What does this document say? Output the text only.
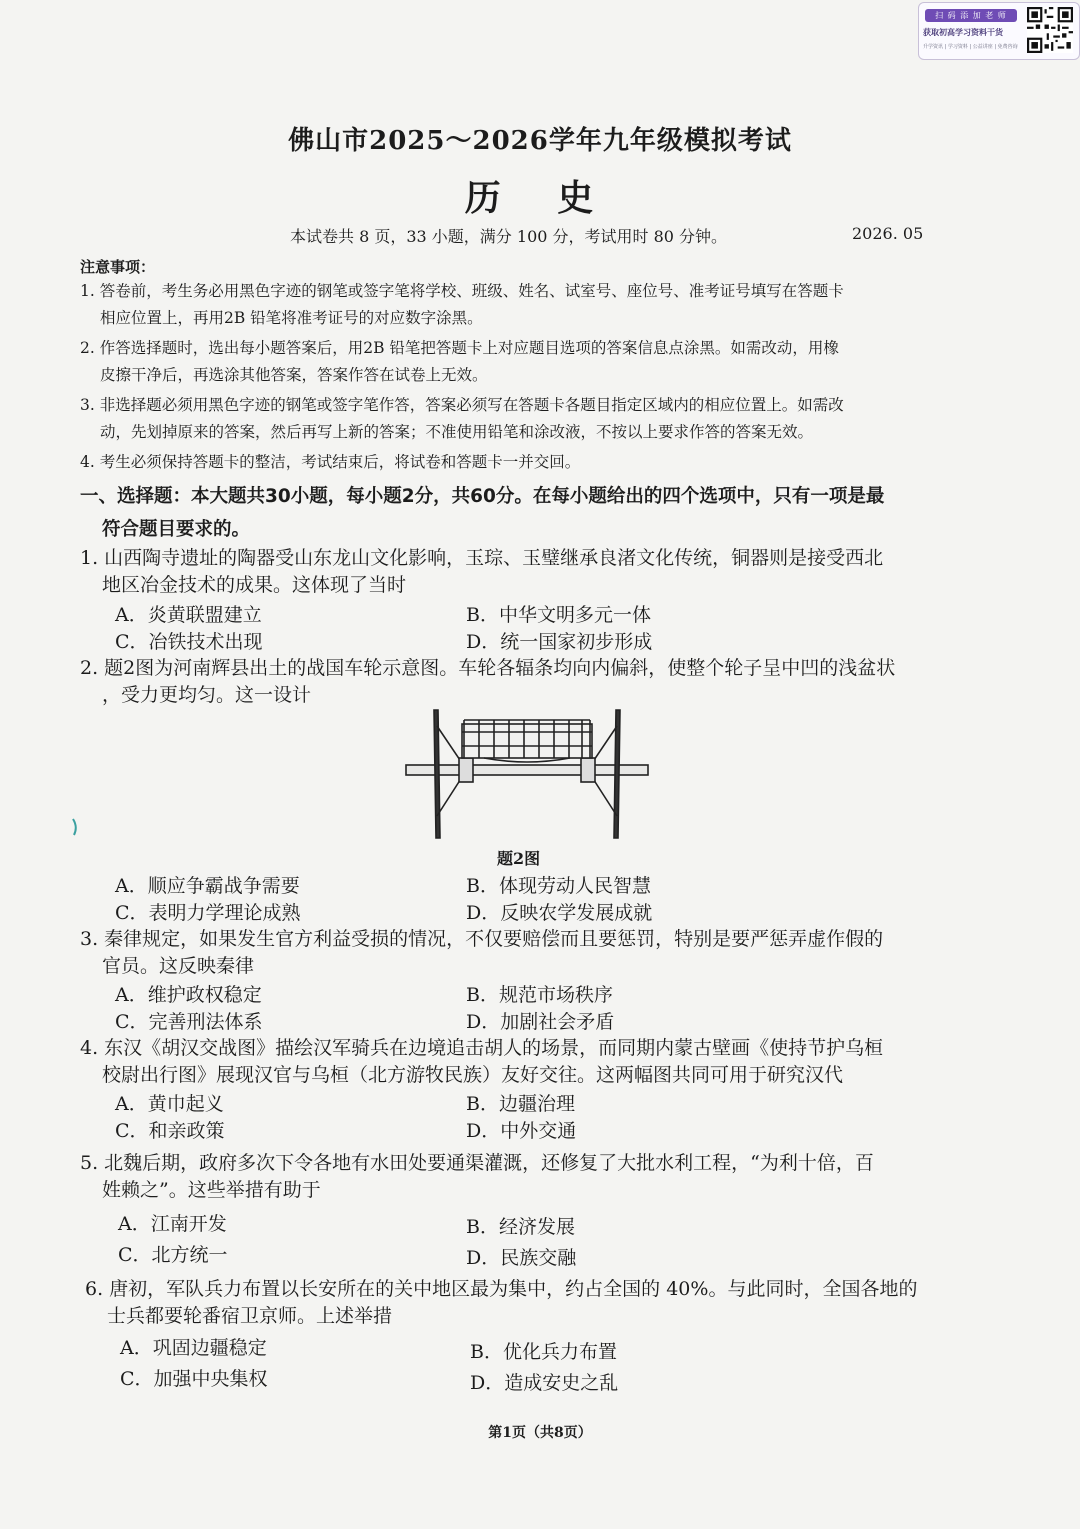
扫 码 添 加 老 师
获取初高学习资料干货
升学资讯 | 学习资料 | 公益讲座 | 免费咨询
佛山市2025～2026学年九年级模拟考试
历 史
本试卷共 8 页，33 小题，满分 100 分，考试用时 80 分钟。	2026. 05
注意事项：
1. 答卷前，考生务必用黑色字迹的钢笔或签字笔将学校、班级、姓名、试室号、座位号、准考证号填写在答题卡
相应位置上，再用2B 铅笔将准考证号的对应数字涂黑。
2. 作答选择题时，选出每小题答案后，用2B 铅笔把答题卡上对应题目选项的答案信息点涂黑。如需改动，用橡
皮擦干净后，再选涂其他答案，答案作答在试卷上无效。
3. 非选择题必须用黑色字迹的钢笔或签字笔作答，答案必须写在答题卡各题目指定区域内的相应位置上。如需改
动，先划掉原来的答案，然后再写上新的答案；不准使用铅笔和涂改液，不按以上要求作答的答案无效。
4. 考生必须保持答题卡的整洁，考试结束后，将试卷和答题卡一并交回。
一、选择题：本大题共30小题，每小题2分，共60分。在每小题给出的四个选项中，只有一项是最
符合题目要求的。
1. 山西陶寺遗址的陶器受山东龙山文化影响，玉琮、玉璧继承良渚文化传统，铜器则是接受西北
地区冶金技术的成果。这体现了当时
A．炎黄联盟建立	B．中华文明多元一体
C．冶铁技术出现	D．统一国家初步形成
2. 题2图为河南辉县出土的战国车轮示意图。车轮各辐条均向内偏斜，使整个轮子呈中凹的浅盆状
，受力更均匀。这一设计
题2图
A．顺应争霸战争需要	B．体现劳动人民智慧
C．表明力学理论成熟	D．反映农学发展成就
3. 秦律规定，如果发生官方利益受损的情况，不仅要赔偿而且要惩罚，特别是要严惩弄虚作假的
官员。这反映秦律
A．维护政权稳定	B．规范市场秩序
C．完善刑法体系	D．加剧社会矛盾
4. 东汉《胡汉交战图》描绘汉军骑兵在边境追击胡人的场景，而同期内蒙古壁画《使持节护乌桓
校尉出行图》展现汉官与乌桓（北方游牧民族）友好交往。这两幅图共同可用于研究汉代
A．黄巾起义	B．边疆治理
C．和亲政策	D．中外交通
5. 北魏后期，政府多次下令各地有水田处要通渠灌溉，还修复了大批水利工程，“为利十倍，百
姓赖之”。这些举措有助于
A．江南开发	B．经济发展
C．北方统一	D．民族交融
6. 唐初，军队兵力布置以长安所在的关中地区最为集中，约占全国的 40%。与此同时，全国各地的
士兵都要轮番宿卫京师。上述举措
A．巩固边疆稳定	B．优化兵力布置
C．加强中央集权	D．造成安史之乱
第1页（共8页）
